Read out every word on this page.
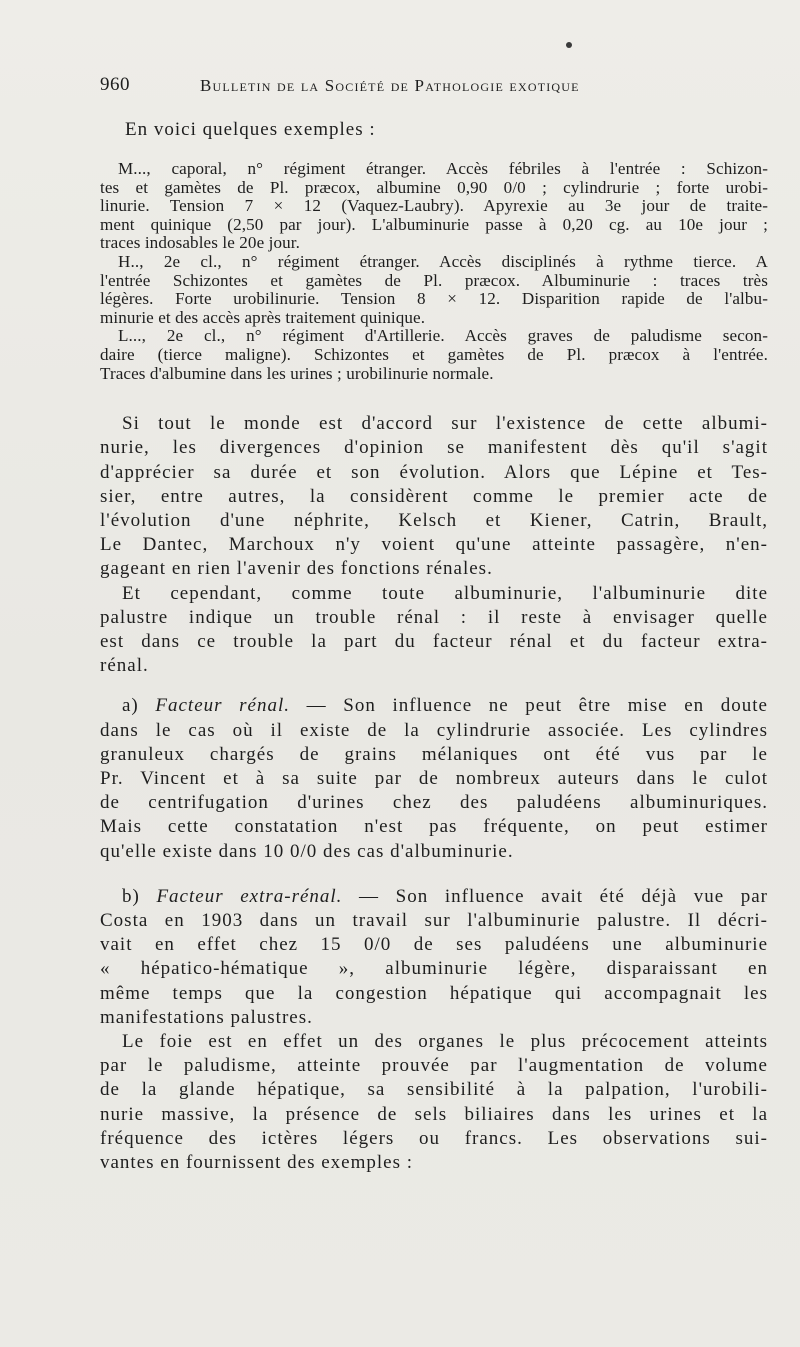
960	Bulletin de la Société de Pathologie exotique
En voici quelques exemples :
M..., caporal, n° régiment étranger. Accès fébriles à l'entrée : Schizon-
tes et gamètes de Pl. præcox, albumine 0,90 0/0 ; cylindrurie ; forte urobi-
linurie. Tension 7 × 12 (Vaquez-Laubry). Apyrexie au 3e jour de traite-
ment quinique (2,50 par jour). L'albuminurie passe à 0,20 cg. au 10e jour ;
traces indosables le 20e jour.
H.., 2e cl., n° régiment étranger. Accès disciplinés à rythme tierce. A
l'entrée Schizontes et gamètes de Pl. præcox. Albuminurie : traces très
légères. Forte urobilinurie. Tension 8 × 12. Disparition rapide de l'albu-
minurie et des accès après traitement quinique.
L..., 2e cl., n° régiment d'Artillerie. Accès graves de paludisme secon-
daire (tierce maligne). Schizontes et gamètes de Pl. præcox à l'entrée.
Traces d'albumine dans les urines ; urobilinurie normale.
Si tout le monde est d'accord sur l'existence de cette albumi-
nurie, les divergences d'opinion se manifestent dès qu'il s'agit
d'apprécier sa durée et son évolution. Alors que Lépine et Tes-
sier, entre autres, la considèrent comme le premier acte de
l'évolution d'une néphrite, Kelsch et Kiener, Catrin, Brault,
Le Dantec, Marchoux n'y voient qu'une atteinte passagère, n'en-
gageant en rien l'avenir des fonctions rénales.
Et cependant, comme toute albuminurie, l'albuminurie dite
palustre indique un trouble rénal : il reste à envisager quelle
est dans ce trouble la part du facteur rénal et du facteur extra-
rénal.
a) Facteur rénal. — Son influence ne peut être mise en doute
dans le cas où il existe de la cylindrurie associée. Les cylindres
granuleux chargés de grains mélaniques ont été vus par le
Pr. Vincent et à sa suite par de nombreux auteurs dans le culot
de centrifugation d'urines chez des paludéens albuminuriques.
Mais cette constatation n'est pas fréquente, on peut estimer
qu'elle existe dans 10 0/0 des cas d'albuminurie.
b) Facteur extra-rénal. — Son influence avait été déjà vue par
Costa en 1903 dans un travail sur l'albuminurie palustre. Il décri-
vait en effet chez 15 0/0 de ses paludéens une albuminurie
« hépatico-hématique », albuminurie légère, disparaissant en
même temps que la congestion hépatique qui accompagnait les
manifestations palustres.
Le foie est en effet un des organes le plus précocement atteints
par le paludisme, atteinte prouvée par l'augmentation de volume
de la glande hépatique, sa sensibilité à la palpation, l'urobili-
nurie massive, la présence de sels biliaires dans les urines et la
fréquence des ictères légers ou francs. Les observations sui-
vantes en fournissent des exemples :
